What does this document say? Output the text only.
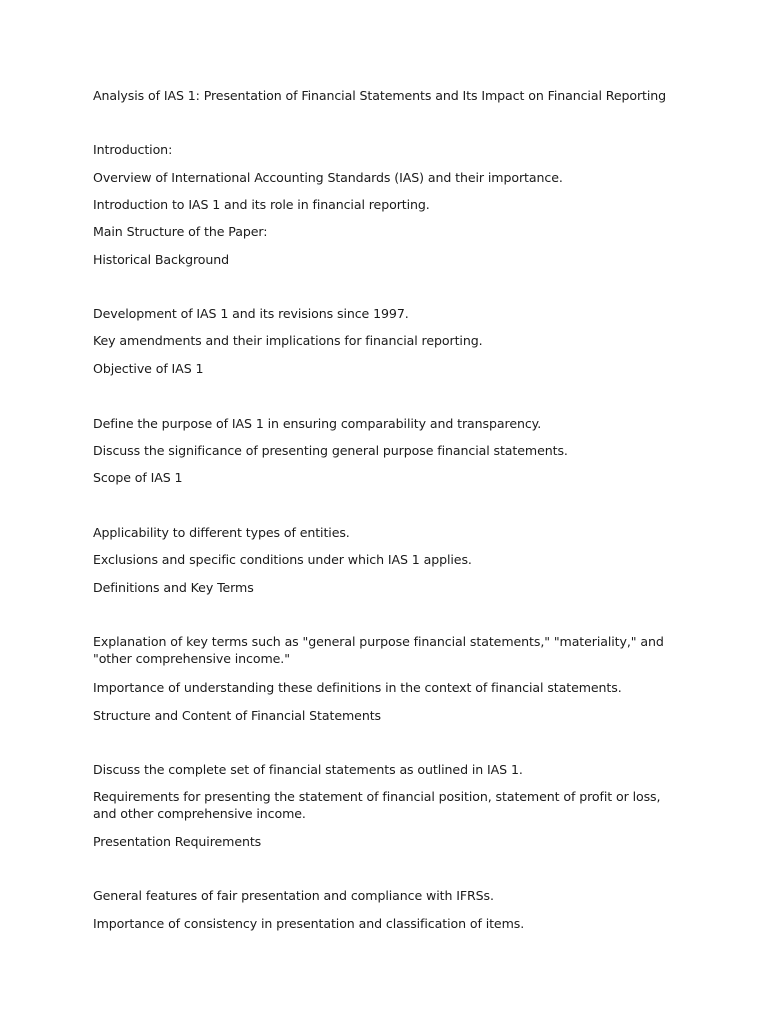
Analysis of IAS 1: Presentation of Financial Statements and Its Impact on Financial Reporting

Introduction:

Overview of International Accounting Standards (IAS) and their importance.

Introduction to IAS 1 and its role in financial reporting.

Main Structure of the Paper:

Historical Background

Development of IAS 1 and its revisions since 1997.

Key amendments and their implications for financial reporting.

Objective of IAS 1

Define the purpose of IAS 1 in ensuring comparability and transparency.

Discuss the significance of presenting general purpose financial statements.

Scope of IAS 1

Applicability to different types of entities.

Exclusions and specific conditions under which IAS 1 applies.

Definitions and Key Terms

Explanation of key terms such as "general purpose financial statements," "materiality," and "other comprehensive income."

Importance of understanding these definitions in the context of financial statements.

Structure and Content of Financial Statements

Discuss the complete set of financial statements as outlined in IAS 1.

Requirements for presenting the statement of financial position, statement of profit or loss, and other comprehensive income.

Presentation Requirements

General features of fair presentation and compliance with IFRSs.

Importance of consistency in presentation and classification of items.
